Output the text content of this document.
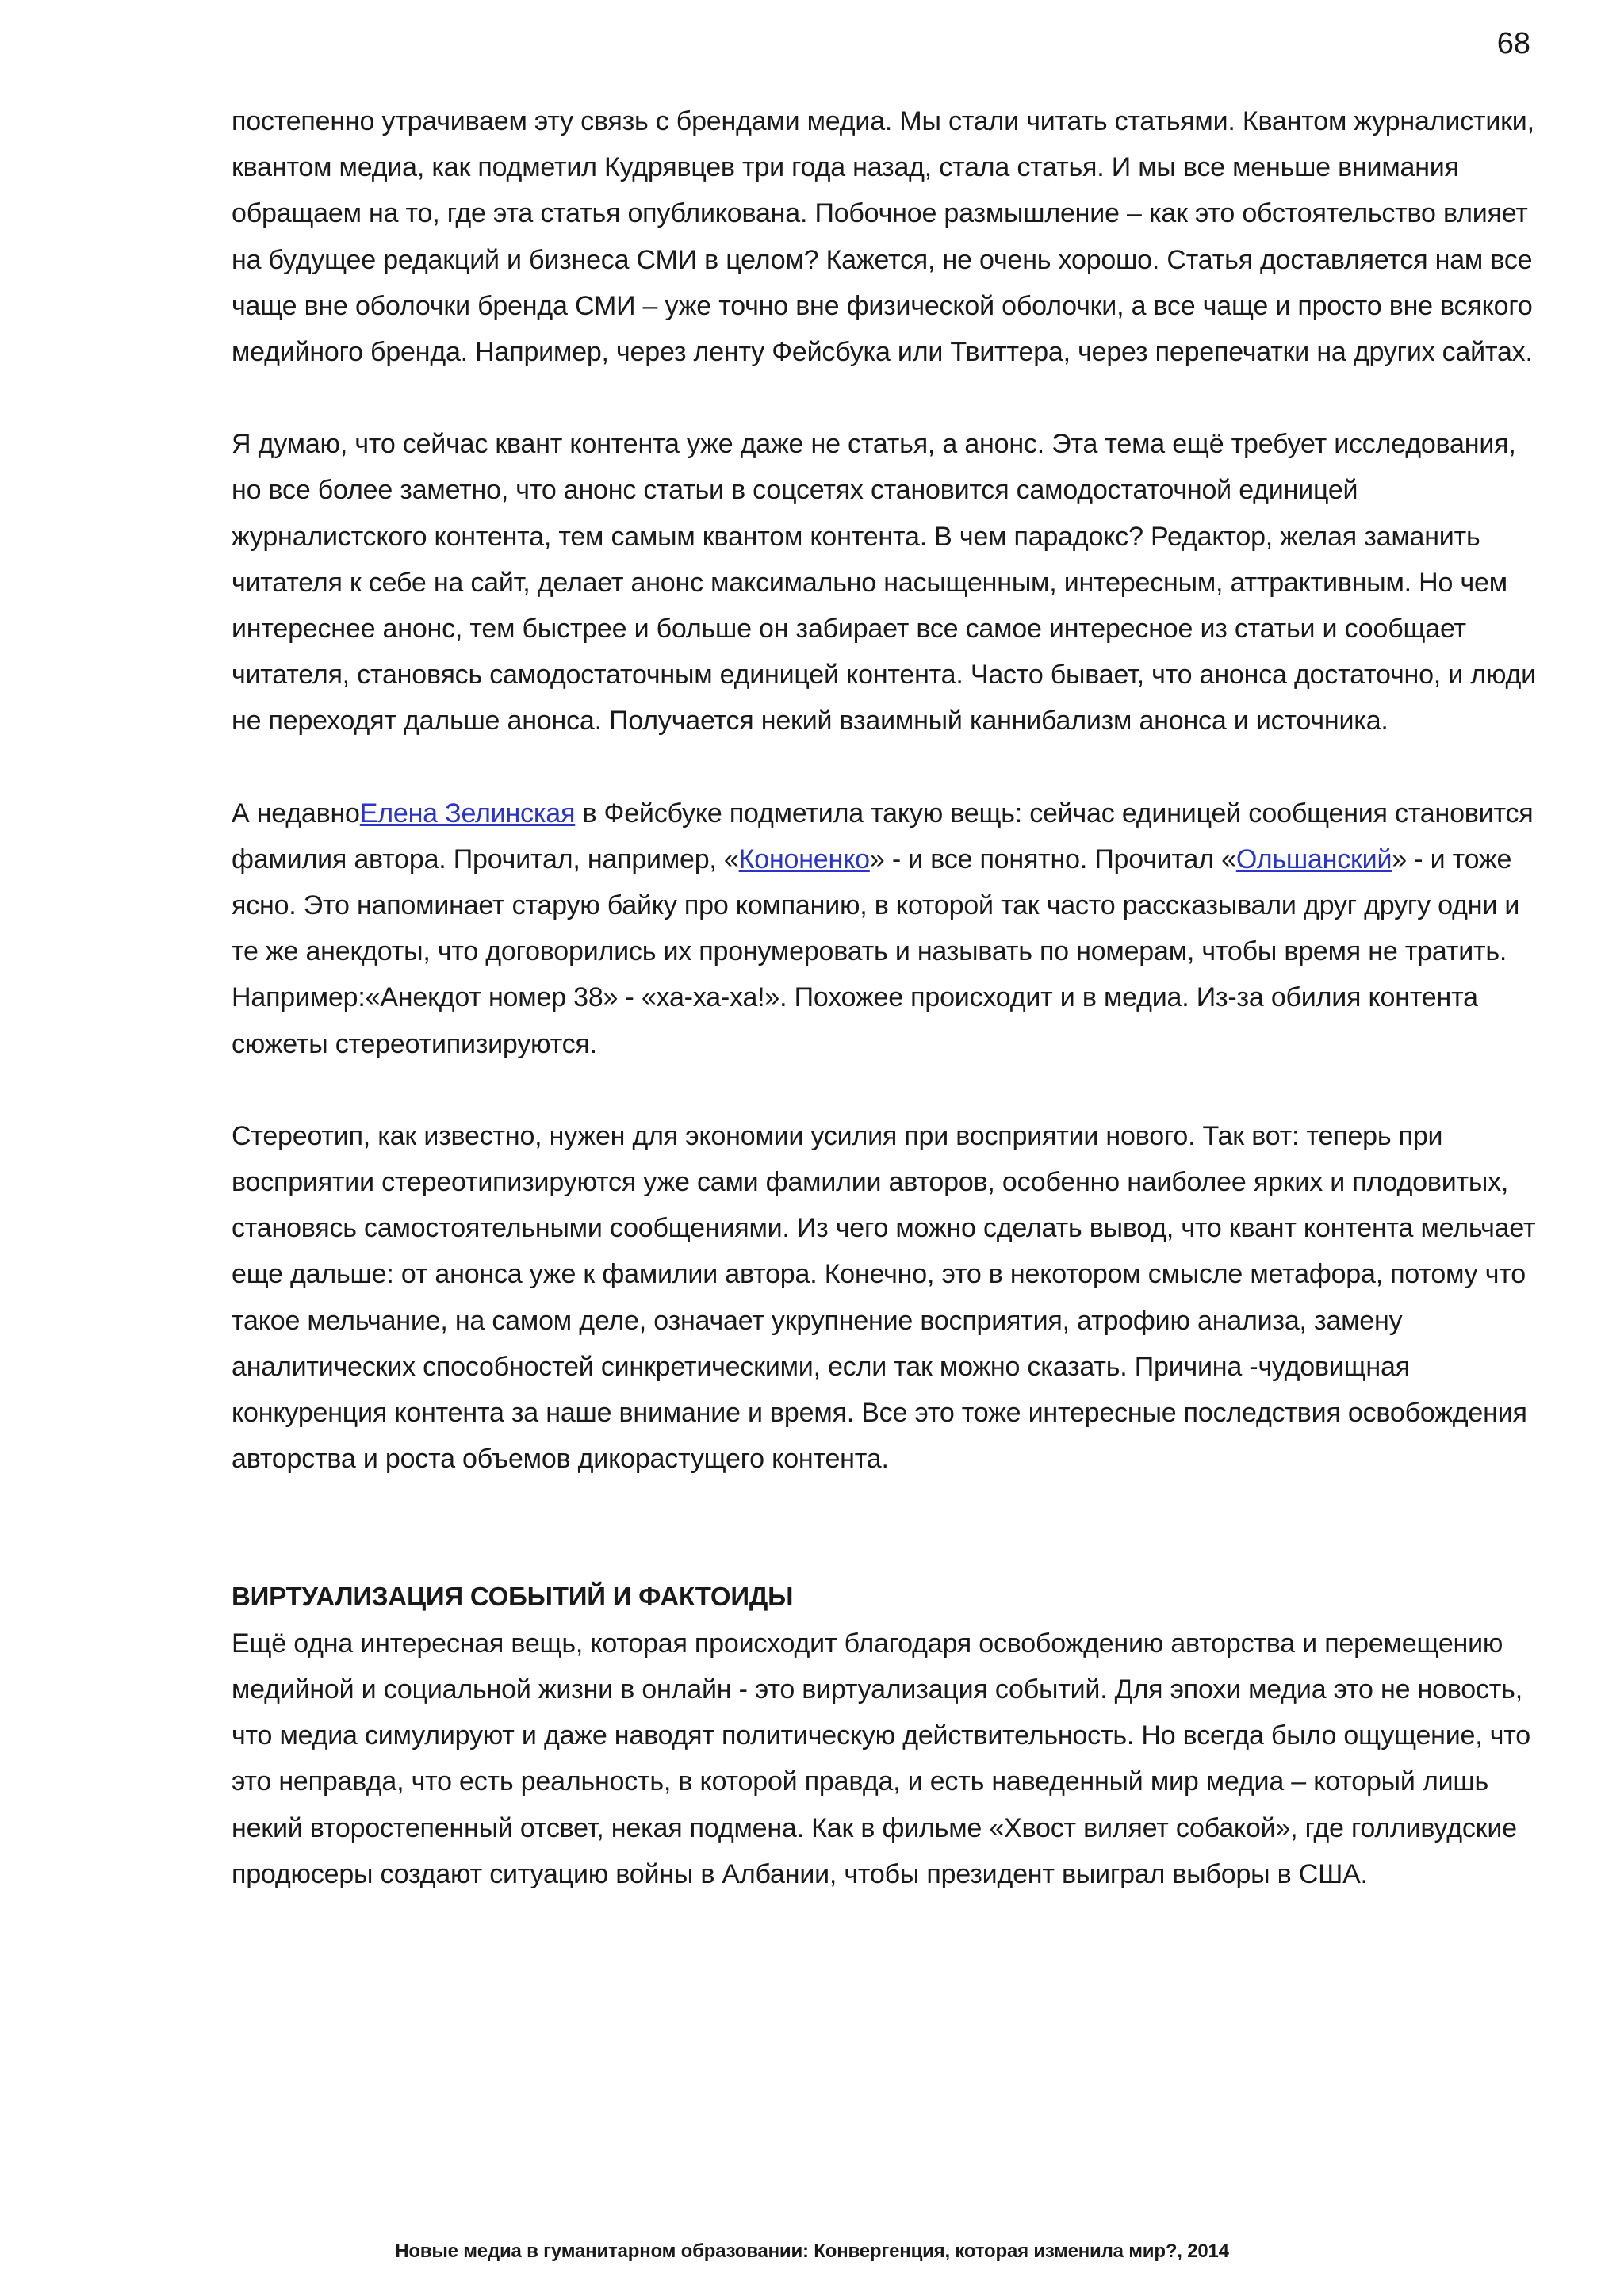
68

постепенно утрачиваем эту связь с брендами медиа. Мы стали читать статьями. Квантом журналистики, квантом медиа, как подметил Кудрявцев три года назад, стала статья. И мы все меньше внимания обращаем на то, где эта статья опубликована. Побочное размышление – как это обстоятельство влияет на будущее редакций и бизнеса СМИ в целом? Кажется, не очень хорошо. Статья доставляется нам все чаще вне оболочки бренда СМИ – уже точно вне физической оболочки, а все чаще и просто вне всякого медийного бренда. Например, через ленту Фейсбука или Твиттера, через перепечатки на других сайтах.

Я думаю, что сейчас квант контента уже даже не статья, а анонс. Эта тема ещё требует исследования, но все более заметно, что анонс статьи в соцсетях становится самодостаточной единицей журналистского контента, тем самым квантом контента. В чем парадокс? Редактор, желая заманить читателя к себе на сайт, делает анонс максимально насыщенным, интересным, аттрактивным. Но чем интереснее анонс, тем быстрее и больше он забирает все самое интересное из статьи и сообщает читателя, становясь самодостаточным единицей контента. Часто бывает, что анонса достаточно, и люди не переходят дальше анонса. Получается некий взаимный каннибализм анонса и источника.

А недавноЕлена Зелинская в Фейсбуке подметила такую вещь: сейчас единицей сообщения становится фамилия автора. Прочитал, например, «Кононенко» - и все понятно. Прочитал «Ольшанский» - и тоже ясно. Это напоминает старую байку про компанию, в которой так часто рассказывали друг другу одни и те же анекдоты, что договорились их пронумеровать и называть по номерам, чтобы время не тратить. Например:«Анекдот номер 38» - «ха-ха-ха!». Похожее происходит и в медиа. Из-за обилия контента сюжеты стереотипизируются.

Стереотип, как известно, нужен для экономии усилия при восприятии нового. Так вот: теперь при восприятии стереотипизируются уже сами фамилии авторов, особенно наиболее ярких и плодовитых, становясь самостоятельными сообщениями. Из чего можно сделать вывод, что квант контента мельчает еще дальше: от анонса уже к фамилии автора. Конечно, это в некотором смысле метафора, потому что такое мельчание, на самом деле, означает укрупнение восприятия, атрофию анализа, замену аналитических способностей синкретическими, если так можно сказать. Причина -чудовищная конкуренция контента за наше внимание и время. Все это тоже интересные последствия освобождения авторства и роста объемов дикорастущего контента.

ВИРТУАЛИЗАЦИЯ СОБЫТИЙ И ФАКТОИДЫ

Ещё одна интересная вещь, которая происходит благодаря освобождению авторства и перемещению медийной и социальной жизни в онлайн - это виртуализация событий. Для эпохи медиа это не новость, что медиа симулируют и даже наводят политическую действительность. Но всегда было ощущение, что это неправда, что есть реальность, в которой правда, и есть наведенный мир медиа – который лишь некий второстепенный отсвет, некая подмена. Как в фильме «Хвост виляет собакой», где голливудские продюсеры создают ситуацию войны в Албании, чтобы президент выиграл выборы в США.

Новые медиа в гуманитарном образовании: Конвергенция, которая изменила мир?, 2014
